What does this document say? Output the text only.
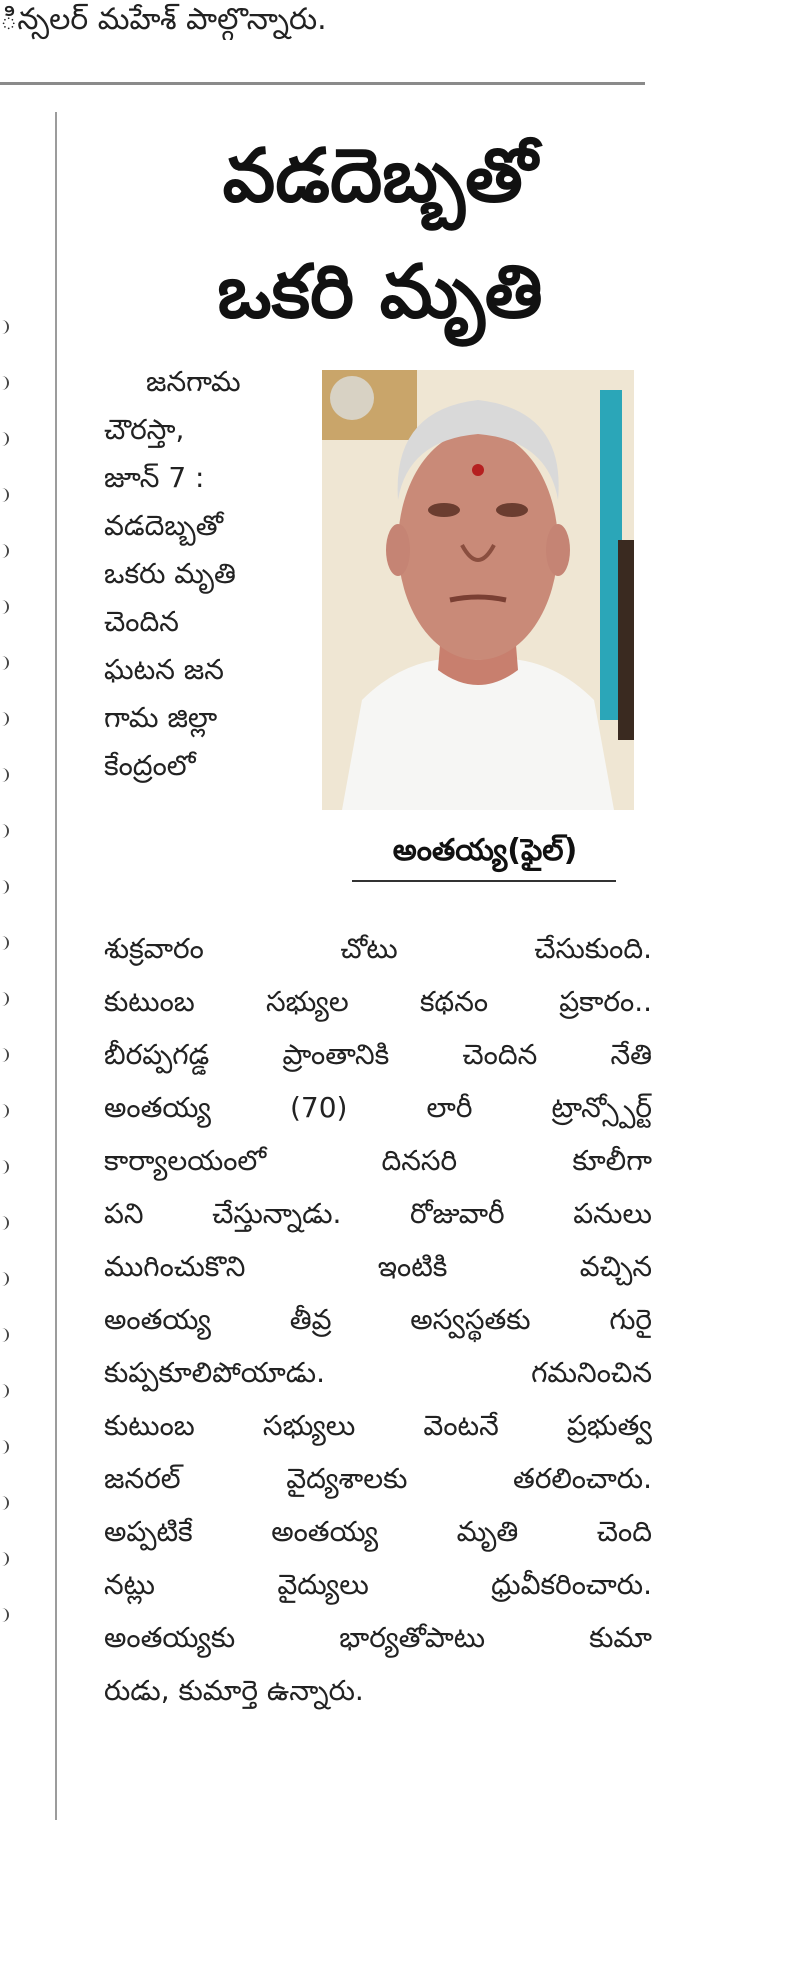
ిన్సలర్ మహేశ్ పాల్గొన్నారు.
వడదెబ్బతో
ఒకరి మృతి
జనగామ
చౌరస్తా,
జూన్ 7 :
వడదెబ్బతో
ఒకరు మృతి
చెందిన
ఘటన జన
గామ జిల్లా
కేంద్రంలో
అంతయ్య(ఫైల్)
శుక్రవారం చోటు చేసుకుంది.
కుటుంబ సభ్యుల కథనం ప్రకారం..
బీరప్పగడ్డ ప్రాంతానికి చెందిన నేతి
అంతయ్య (70) లారీ ట్రాన్స్పోర్ట్
కార్యాలయంలో దినసరి కూలీగా
పని చేస్తున్నాడు. రోజువారీ పనులు
ముగించుకొని ఇంటికి వచ్చిన
అంతయ్య తీవ్ర అస్వస్థతకు గురై
కుప్పకూలిపోయాడు. గమనించిన
కుటుంబ సభ్యులు వెంటనే ప్రభుత్వ
జనరల్ వైద్యశాలకు తరలించారు.
అప్పటికే అంతయ్య మృతి చెంది
నట్లు వైద్యులు ధ్రువీకరించారు.
అంతయ్యకు భార్యతోపాటు కుమా
రుడు, కుమార్తె ఉన్నారు.
